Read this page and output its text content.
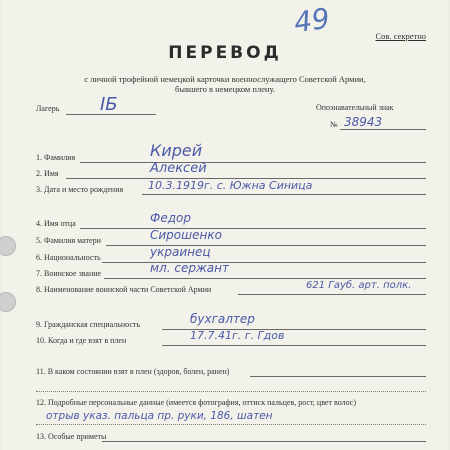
49	Сов. секретно
ПЕРЕВОД
с личной трофейной немецкой карточки военнослужащего Советской Армии,
бывшего в немецком плену.
Лагерь IБ	Опознавательный знак
№ 38943
1. Фамилия	Кирей
2. Имя	Алексей
3. Дата и место рождения 10.3.1919г. с. Южна Синица
4. Имя отца	Федор
5. Фамилия матери	Сирошенко
6. Национальность	украинец
7. Воинское звание	мл. сержант
8. Наименование воинской части Советской Армии	621 Гауб. арт. полк.
9. Гражданская специальность	бухгалтер
10. Когда и где взят в плен	17.7.41г. г. Гдов
11. В каком состоянии взят в плен (здоров, болен, ранен)
12. Подробные персональные данные (имеется фотография, оттиск пальцев, рост, цвет волос)
отрыв указ. пальца пр. руки, 186, шатен
13. Особые приметы
